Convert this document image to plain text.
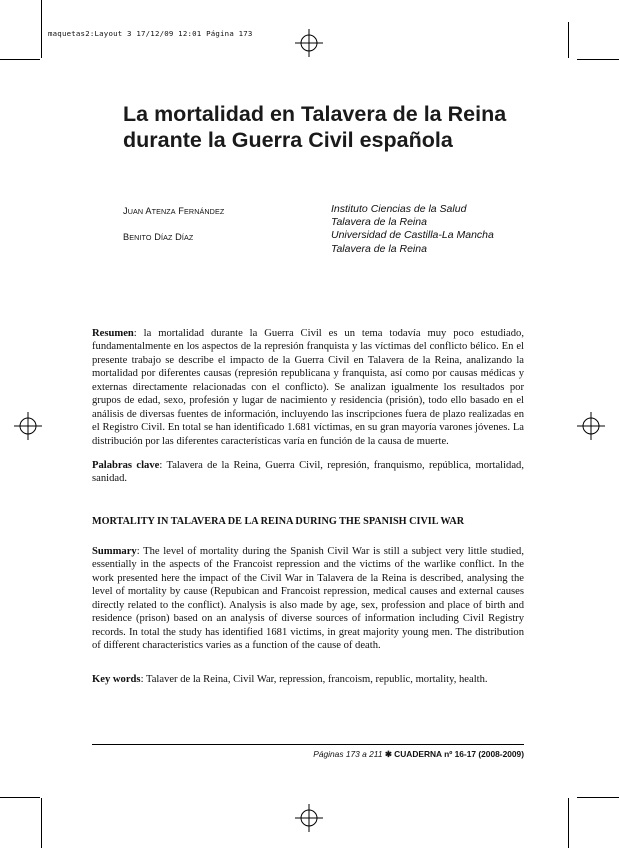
maquetas2:Layout 3 17/12/09 12:01 Página 173
La mortalidad en Talavera de la Reina
durante la Guerra Civil española
JUAN ATENZA FERNÁNDEZ
BENITO DÍAZ DÍAZ
Instituto Ciencias de la Salud
Talavera de la Reina
Universidad de Castilla-La Mancha
Talavera de la Reina

Resumen: la mortalidad durante la Guerra Civil es un tema todavía muy poco estudiado, fundamentalmente en los aspectos de la represión franquista y las víctimas del conflicto bélico. En el presente trabajo se describe el impacto de la Guerra Civil en Talavera de la Reina, analizando la mortalidad por diferentes causas (represión republicana y franquista, así como por causas médicas y externas directamente relacionadas con el conflicto). Se analizan igualmente los resultados por grupos de edad, sexo, profesión y lugar de nacimiento y residencia (prisión), todo ello basado en el análisis de diversas fuentes de información, incluyendo las inscripciones fuera de plazo realizadas en el Registro Civil. En total se han identificado 1.681 víctimas, en su gran mayoría varones jóvenes. La distribución por las diferentes características varía en función de la causa de muerte.

Palabras clave: Talavera de la Reina, Guerra Civil, represión, franquismo, república, mortalidad, sanidad.

MORTALITY IN TALAVERA DE LA REINA DURING THE SPANISH CIVIL WAR

Summary: The level of mortality during the Spanish Civil War is still a subject very little studied, essentially in the aspects of the Francoist repression and the victims of the warlike conflict. In the work presented here the impact of the Civil War in Talavera de la Reina is described, analysing the level of mortality by cause (Repubican and Francoist repression, medical causes and external causes directly related to the conflict). Analysis is also made by age, sex, profession and place of birth and residence (prison) based on an analysis of diverse sources of information including Civil Registry records. In total the study has identified 1681 victims, in great majority young men. The distribution of different characteristics varies as a function of the cause of death.

Key words: Talaver de la Reina, Civil War, repression, francoism, republic, mortality, health.

Páginas 173 a 211 ✱ CUADERNA nº 16-17 (2008-2009)
